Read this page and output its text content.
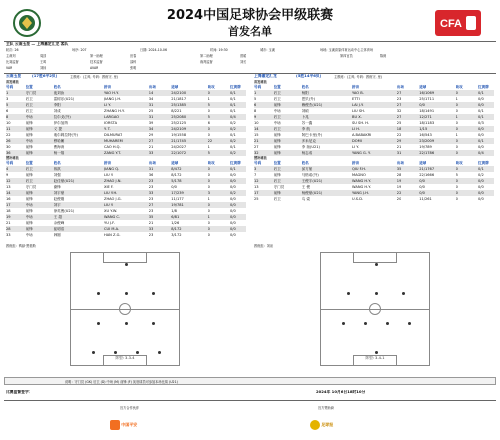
2024中国足球协会甲级联赛
首发名单
CFA
主队 云南玉昆 — 上海嘉定汇龙 客队
轮次: 26	场序: 207	日期: 2024-10-06	时间: 19:30	城市: 玉溪	场地: 玉溪高原体育运动中心主体育场
主裁判	周顶	第一助理	田春	第二助理	曾昭	第四官员	陈朗
比赛监督	王鸣	技术监督	邵科	裁判监督	刘长
VAR	刘扬	AVAR	张明
云南玉昆	(17胜6平2负)	主教练：(主帅, 号码：教练守, 里)	上海嘉定汇龙	(5胜14平6负)	主教练：(主帅, 号码：教练守, 里)
首发球员	首发球员
号码	位置	姓名	拼音	出场	进球	助攻	红黄牌
1	守门员	夜刘汝	YAO H.Y.	14	24/2100	0	0/1
3	后卫	雷树乐(U21)	JIANG J.H.	34	21/1817	1	0/1
5	后卫	李阳	LI Y.	31	25/1385	5	0/1
6	后卫	刘成	ZHANG H.Y.	25	8/221	0	0/1
8	中场	拉尔戈(外)	LARGAO	31	25/2080	5	0/4
10	前锋	伊尔加纳	IORSTA	39	25/2125	6	0/2
11	前锋	义 提	Y. T.	34	24/2109	0	0/2
22	前锋	迪尔姆拉特(外)	DILMURAT	29	19/1558	0	0/1
26	中场	穆哈嫩	MUHAREM	27	21/1745	22	0/2
30	前锋	曹海涛	CAO H.Q.	21	24/2027	1	0/1
36	前锋	杨一翔	ZANG Y.T.	33	22/1072	5	0/2
号码	位置	姓名	拼音	出场	进球	助攻	红黄牌
1	后卫	杨阳	YAO B.	27	16/1069	0	0/1
5	后卫	恩贝(外)	ETTI	23	25/1711	1	0/0
6	前锋	赖俊杰(U21)	LAI J.Y.	27	0/0	0	0/0
8	中场	刘硕	LIU SH.	32	18/1491	0	0/1
9	后卫	卜兆	BU X.	27	12/271	1	0/1
10	中场	苏一鑫	SU SH. H.	25	18/1183	0	0/3
14	后卫	李 航	LI H.	18	1/15	0	0/0
15	前锋	阿巴卡里(外)	A.BABAKRI	22	16/543	1	0/0
21	前锋	多米尼克	DOMI	29	23/2009	0	0/1
27	前锋	李 扬(U21)	LI Y.	21	19/789	0	0/0
32	前锋	杨志成	YANG G. Y.	31	22/1786	0	0/4
替补球员	替补球员
号码	位置	姓名	拼音	出场	进球	助攻	红黄牌
4	后卫	蒋淇	JIANG Q.	31	8/472	0	0/1
9	前锋	刘强	LIU Y.	36	8/172	0	0/0
12	后卫	赵佳豪(U21)	ZHAO J.N.	23	5/178	0	0/0
13	守门员	谢锋	XIE F.	23	0/0	0	0/0
14	前锋	刘宇豪	LIU Y.H.	33	17/239	3	0/2
16	前锋	赵俊刚	ZHAO J.G.	23	11/177	1	0/0
17	中场	刘宇	LIU Y.	27	19/781	0	0/0
18	前锋	徐英俊(U21)	XU Y.W.	23	1/8	0	0/0
19	中场	王 超	WANG C.	35	6/81	1	0/0
21	前锋	余俊峰	YU J.F.	21	1/26	0	0/0
28	前锋	崔明浩	CUI M.A.	33	8/172	0	0/0
33	中场	韩刚	HAN Z.G.	23	3/172	0	0/0
号码	位置	姓名	拼音	出场	进球	助攻	红黄牌
3	后卫	邱方航	QIU F.H.	35	21/1767	0	0/1
7	前锋	马格诺(外)	MAGNO	28	22/1666	5	0/2
12	后卫	王俊宇(U21)	WANG H.Y.	19	0/0	0	0/0
13	守门员	王 俊	WANG H.Y.	19	0/0	0	0/0
17	前锋	杨俊豪(U21)	YANG J.H.	22	0/0	0	0/0
25	后卫	乌 索	U.S.D.	20	11/261	0	0/0
教练组：鸭绿·黑格斯	教练组：刘泉
阵型: 3-3-4	阵型: 3-4-1
说明：守门员 (GK) 后卫 (D) 中场 (M) 前锋 (F) 灰底球员可参加本场比赛 (U21)
比赛监督签字：	2024年 10月6日18时10分
官方合作伙伴	官方赞助商
中国平安	足球报
